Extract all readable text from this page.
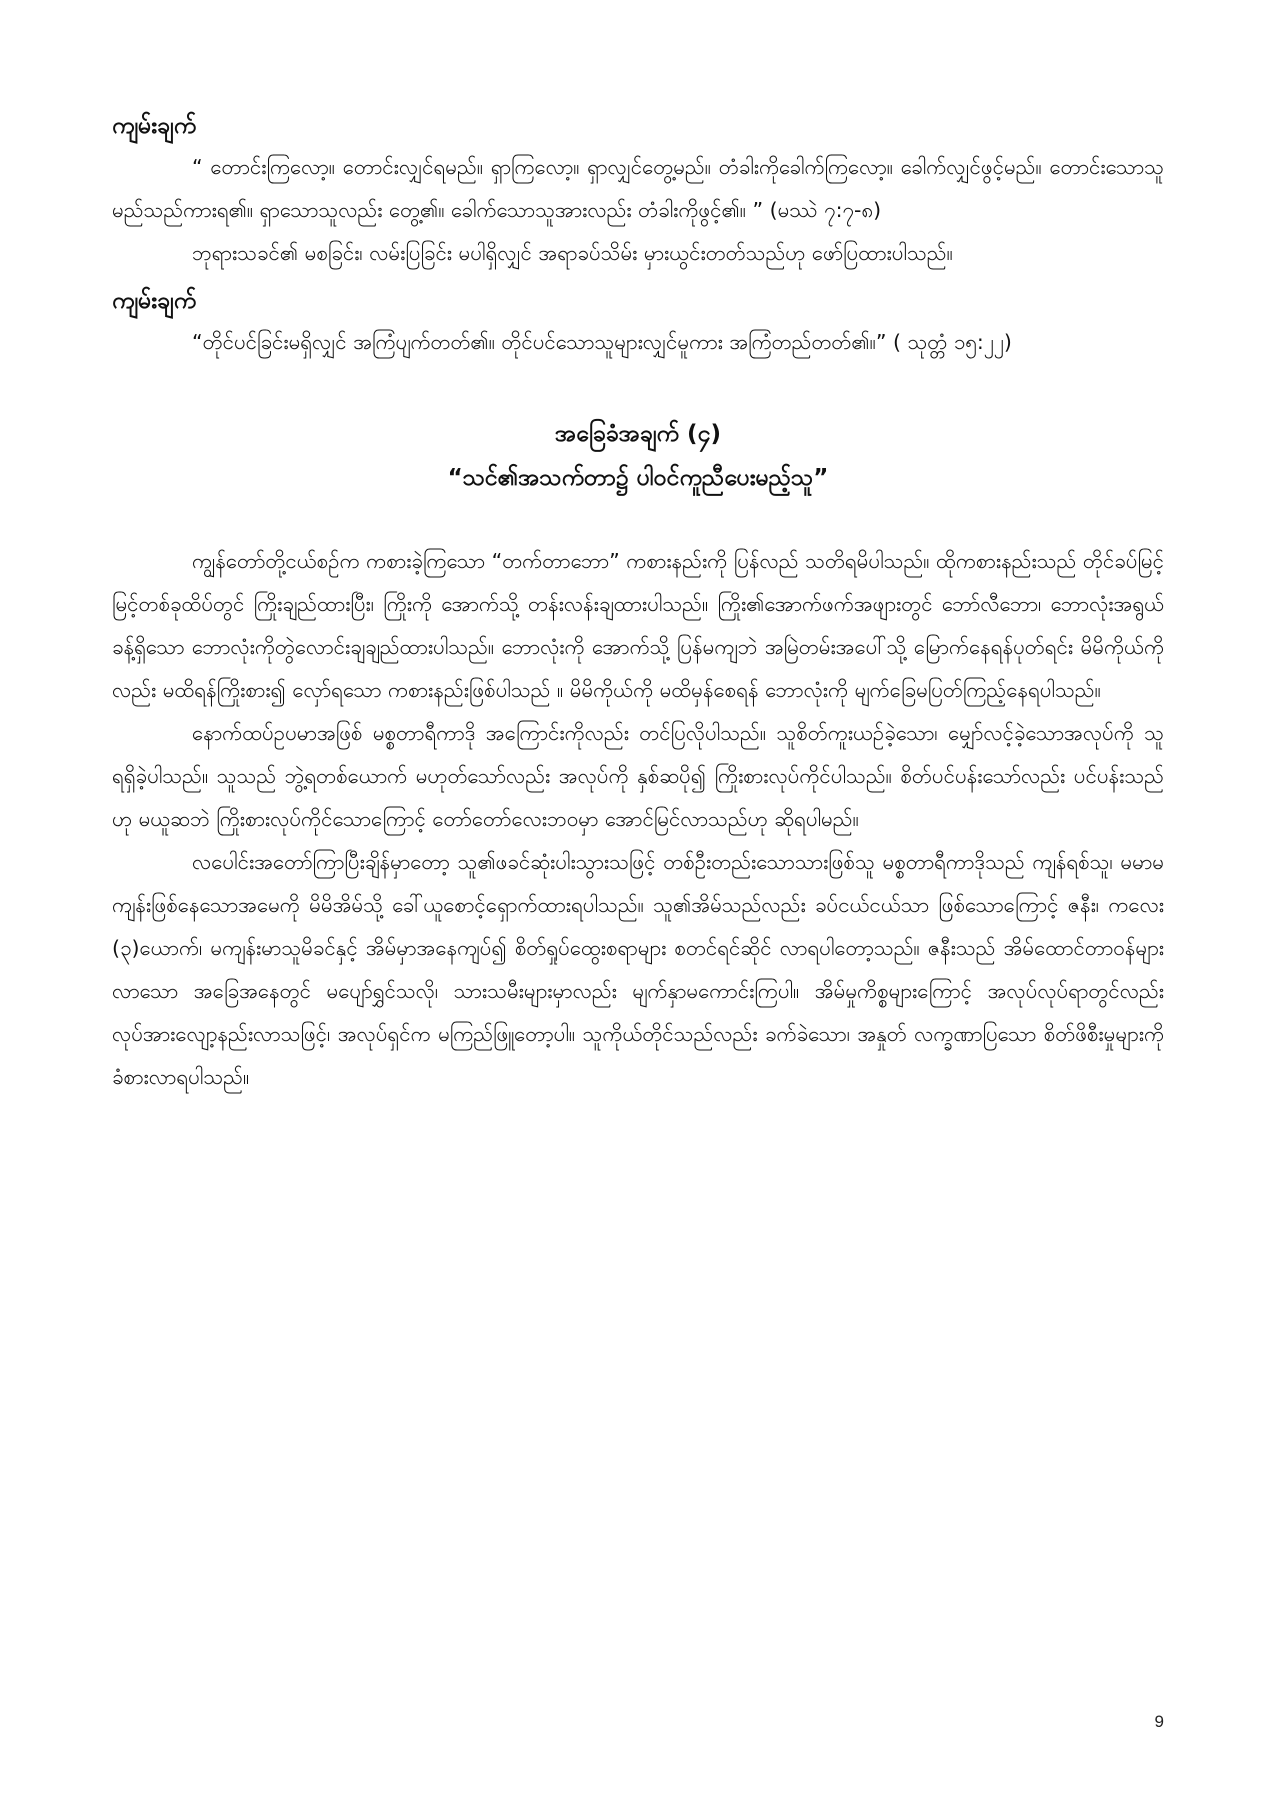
ကျမ်းချက်

“ တောင်းကြလော့။ တောင်းလျှင်ရမည်။ ရှာကြလော့။ ရှာလျှင်တွေ့မည်။ တံခါးကိုခေါက်ကြလော့။ ခေါက်လျှင်ဖွင့်မည်။ တောင်းသောသူမည်သည်ကားရ၏။ ရှာသောသူလည်း တွေ့၏။ ခေါက်သောသူအားလည်း တံခါးကိုဖွင့်၏။ ” (မဿဲ ၇:၇-၈)

ဘုရားသခင်၏ မစခြင်း၊ လမ်းပြခြင်း မပါရှိလျှင် အရာခပ်သိမ်း မှားယွင်းတတ်သည်ဟု ဖော်ပြထားပါသည်။

ကျမ်းချက်

“တိုင်ပင်ခြင်းမရှိလျှင် အကြံပျက်တတ်၏။ တိုင်ပင်သောသူများလျှင်မူကား အကြံတည်တတ်၏။” ( သုတ္တံ ၁၅:၂၂)

အခြေခံအချက် (၄)
“သင်၏အသက်တာ၌ ပါဝင်ကူညီပေးမည့်သူ”

ကျွန်တော်တို့ငယ်စဉ်က ကစားခဲ့ကြသော “တက်တာဘော” ကစားနည်းကို ပြန်လည် သတိရမိပါသည်။ ထိုကစားနည်းသည် တိုင်ခပ်မြင့်မြင့်တစ်ခုထိပ်တွင် ကြိုးချည်ထားပြီး၊ ကြိုးကို အောက်သို့ တန်းလန်းချထားပါသည်။ ကြိုး၏အောက်ဖက်အဖျားတွင် ဘော်လီဘော၊ ဘောလုံးအရွယ်ခန့်ရှိသော ဘောလုံးကိုတွဲလောင်းချချည်ထားပါသည်။ ဘောလုံးကို အောက်သို့ ပြန်မကျဘဲ အမြဲတမ်းအပေါ်သို့ မြောက်နေရန်ပုတ်ရင်း မိမိကိုယ်ကိုလည်း မထိရန်ကြိုးစား၍ လှော်ရသော ကစားနည်းဖြစ်ပါသည် ။ မိမိကိုယ်ကို မထိမှန်စေရန် ဘောလုံးကို မျက်ခြေမပြတ်ကြည့်နေရပါသည်။

နောက်ထပ်ဥပမာအဖြစ် မစ္စတာရီကာဒို အကြောင်းကိုလည်း တင်ပြလိုပါသည်။ သူစိတ်ကူးယဉ်ခဲ့သော၊ မျှော်လင့်ခဲ့သောအလုပ်ကို သူရရှိခဲ့ပါသည်။ သူသည် ဘွဲ့ရတစ်ယောက် မဟုတ်သော်လည်း အလုပ်ကို နှစ်ဆပို၍ ကြိုးစားလုပ်ကိုင်ပါသည်။ စိတ်ပင်ပန်းသော်လည်း ပင်ပန်းသည်ဟု မယူဆဘဲ ကြိုးစားလုပ်ကိုင်သောကြောင့် တော်တော်လေးဘဝမှာ အောင်မြင်လာသည်ဟု ဆိုရပါမည်။

လပေါင်းအတော်ကြာပြီးချိန်မှာတော့ သူ၏ဖခင်ဆုံးပါးသွားသဖြင့် တစ်ဦးတည်းသောသားဖြစ်သူ မစ္စတာရီကာဒိုသည် ကျန်ရစ်သူ၊ မမာမကျန်းဖြစ်နေသောအမေကို မိမိအိမ်သို့ ခေါ်ယူစောင့်ရှောက်ထားရပါသည်။ သူ၏အိမ်သည်လည်း ခပ်ငယ်ငယ်သာ ဖြစ်သောကြောင့် ဇနီး၊ ကလေး (၃)ယောက်၊ မကျန်းမာသူမိခင်နှင့် အိမ်မှာအနေကျပ်၍ စိတ်ရှုပ်ထွေးစရာများ စတင်ရင်ဆိုင် လာရပါတော့သည်။ ဇနီးသည် အိမ်ထောင်တာဝန်များလာသော အခြေအနေတွင် မပျော်ရွှင်သလို၊ သားသမီးများမှာလည်း မျက်နှာမကောင်းကြပါ။ အိမ်မှုကိစ္စများကြောင့် အလုပ်လုပ်ရာတွင်လည်း လုပ်အားလျော့နည်းလာသဖြင့်၊ အလုပ်ရှင်က မကြည်ဖြူတော့ပါ။ သူကိုယ်တိုင်သည်လည်း ခက်ခဲသော၊ အနှုတ် လက္ခဏာပြသော စိတ်ဖိစီးမှုများကို ခံစားလာရပါသည်။

9
